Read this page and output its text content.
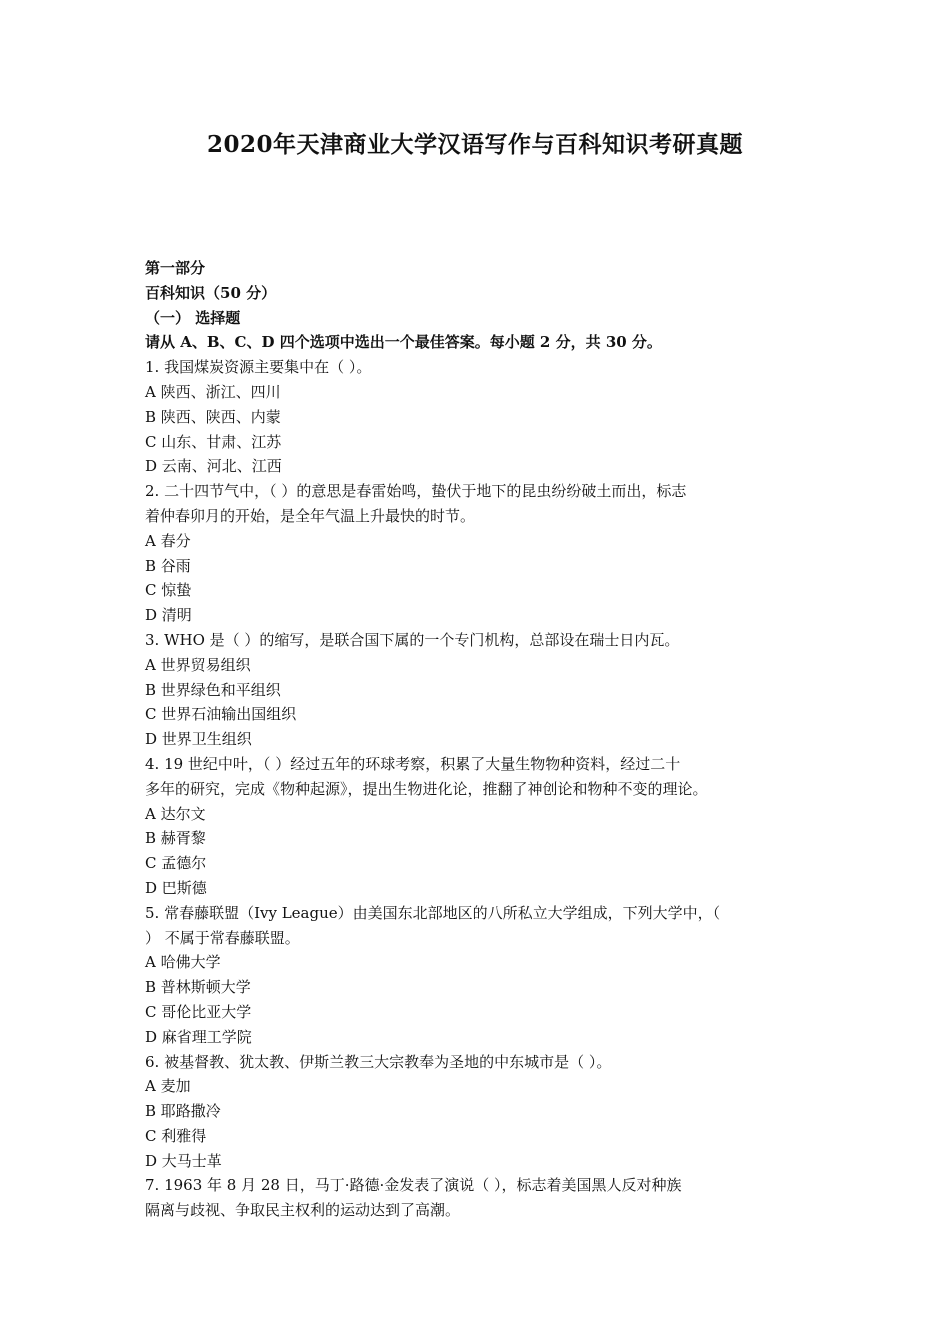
2020年天津商业大学汉语写作与百科知识考研真题
第一部分
百科知识（50 分）
（一） 选择题
请从 A、B、C、D 四个选项中选出一个最佳答案。每小题 2 分，共 30 分。
1. 我国煤炭资源主要集中在（ ）。
A 陕西、浙江、四川
B 陕西、陕西、内蒙
C 山东、甘肃、江苏
D 云南、河北、江西
2. 二十四节气中，（ ）的意思是春雷始鸣，蛰伏于地下的昆虫纷纷破土而出，标志
着仲春卯月的开始，是全年气温上升最快的时节。
A 春分
B 谷雨
C 惊蛰
D 清明
3. WHO 是（ ）的缩写，是联合国下属的一个专门机构，总部设在瑞士日内瓦。
A 世界贸易组织
B 世界绿色和平组织
C 世界石油输出国组织
D 世界卫生组织
4. 19 世纪中叶，（ ）经过五年的环球考察，积累了大量生物物种资料，经过二十
多年的研究，完成《物种起源》，提出生物进化论，推翻了神创论和物种不变的理论。
A 达尔文
B 赫胥黎
C 孟德尔
D 巴斯德
5. 常春藤联盟（Ivy League）由美国东北部地区的八所私立大学组成，下列大学中，（
） 不属于常春藤联盟。
A 哈佛大学
B 普林斯顿大学
C 哥伦比亚大学
D 麻省理工学院
6. 被基督教、犹太教、伊斯兰教三大宗教奉为圣地的中东城市是（ ）。
A 麦加
B 耶路撒冷
C 利雅得
D 大马士革
7. 1963 年 8 月 28 日，马丁·路德·金发表了演说（ ），标志着美国黑人反对种族
隔离与歧视、争取民主权利的运动达到了高潮。
